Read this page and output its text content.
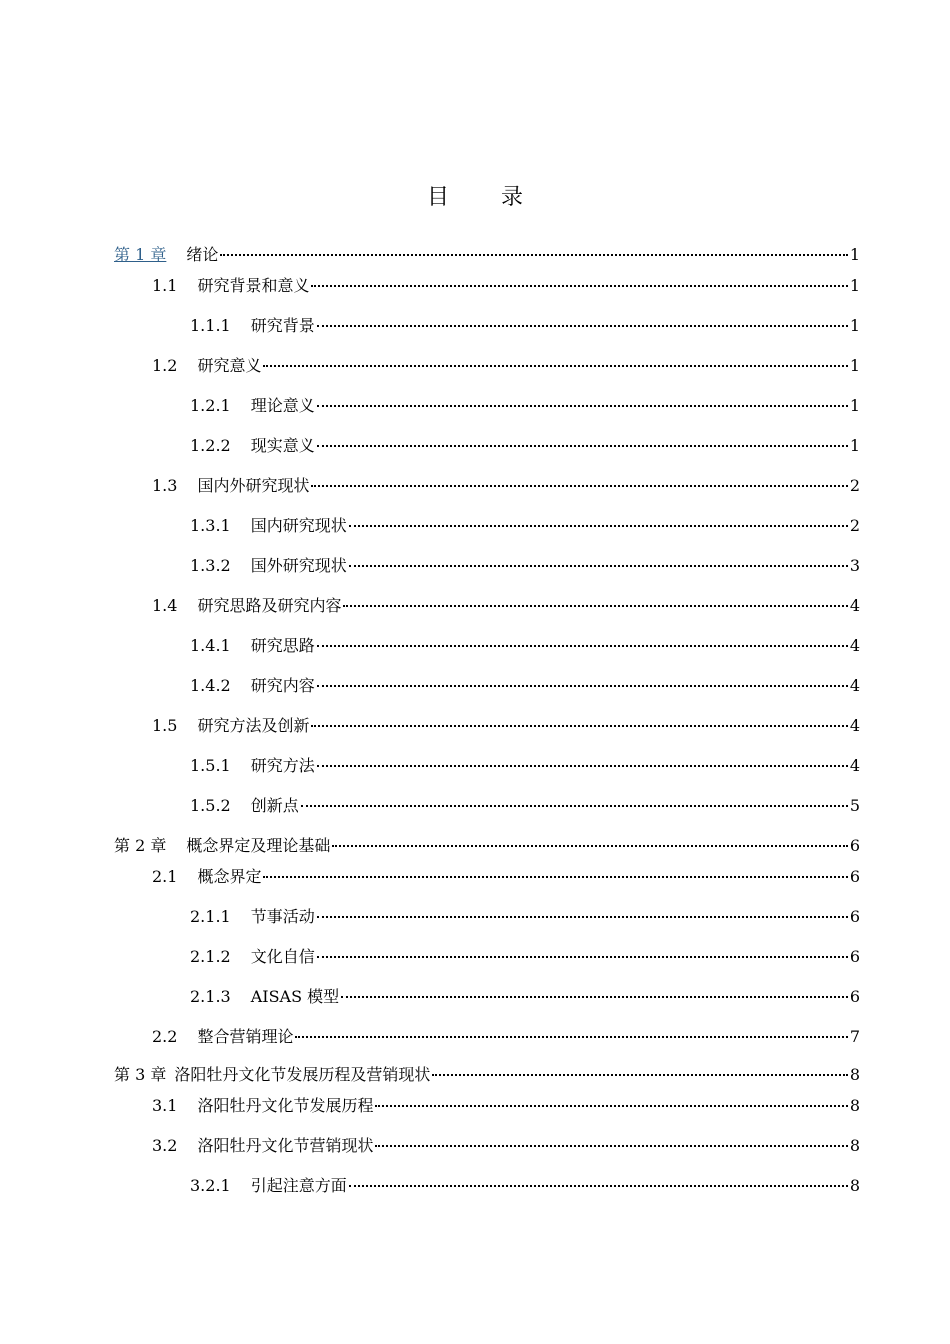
目 录
第 1 章 绪论	1
1.1 研究背景和意义	1
1.1.1 研究背景	1
1.2 研究意义	1
1.2.1 理论意义	1
1.2.2 现实意义	1
1.3 国内外研究现状	2
1.3.1 国内研究现状	2
1.3.2 国外研究现状	3
1.4 研究思路及研究内容	4
1.4.1 研究思路	4
1.4.2 研究内容	4
1.5 研究方法及创新	4
1.5.1 研究方法	4
1.5.2 创新点	5
第 2 章 概念界定及理论基础	6
2.1 概念界定	6
2.1.1 节事活动	6
2.1.2 文化自信	6
2.1.3 AISAS 模型	6
2.2 整合营销理论	7
第 3 章 洛阳牡丹文化节发展历程及营销现状	8
3.1 洛阳牡丹文化节发展历程	8
3.2 洛阳牡丹文化节营销现状	8
3.2.1 引起注意方面	8
